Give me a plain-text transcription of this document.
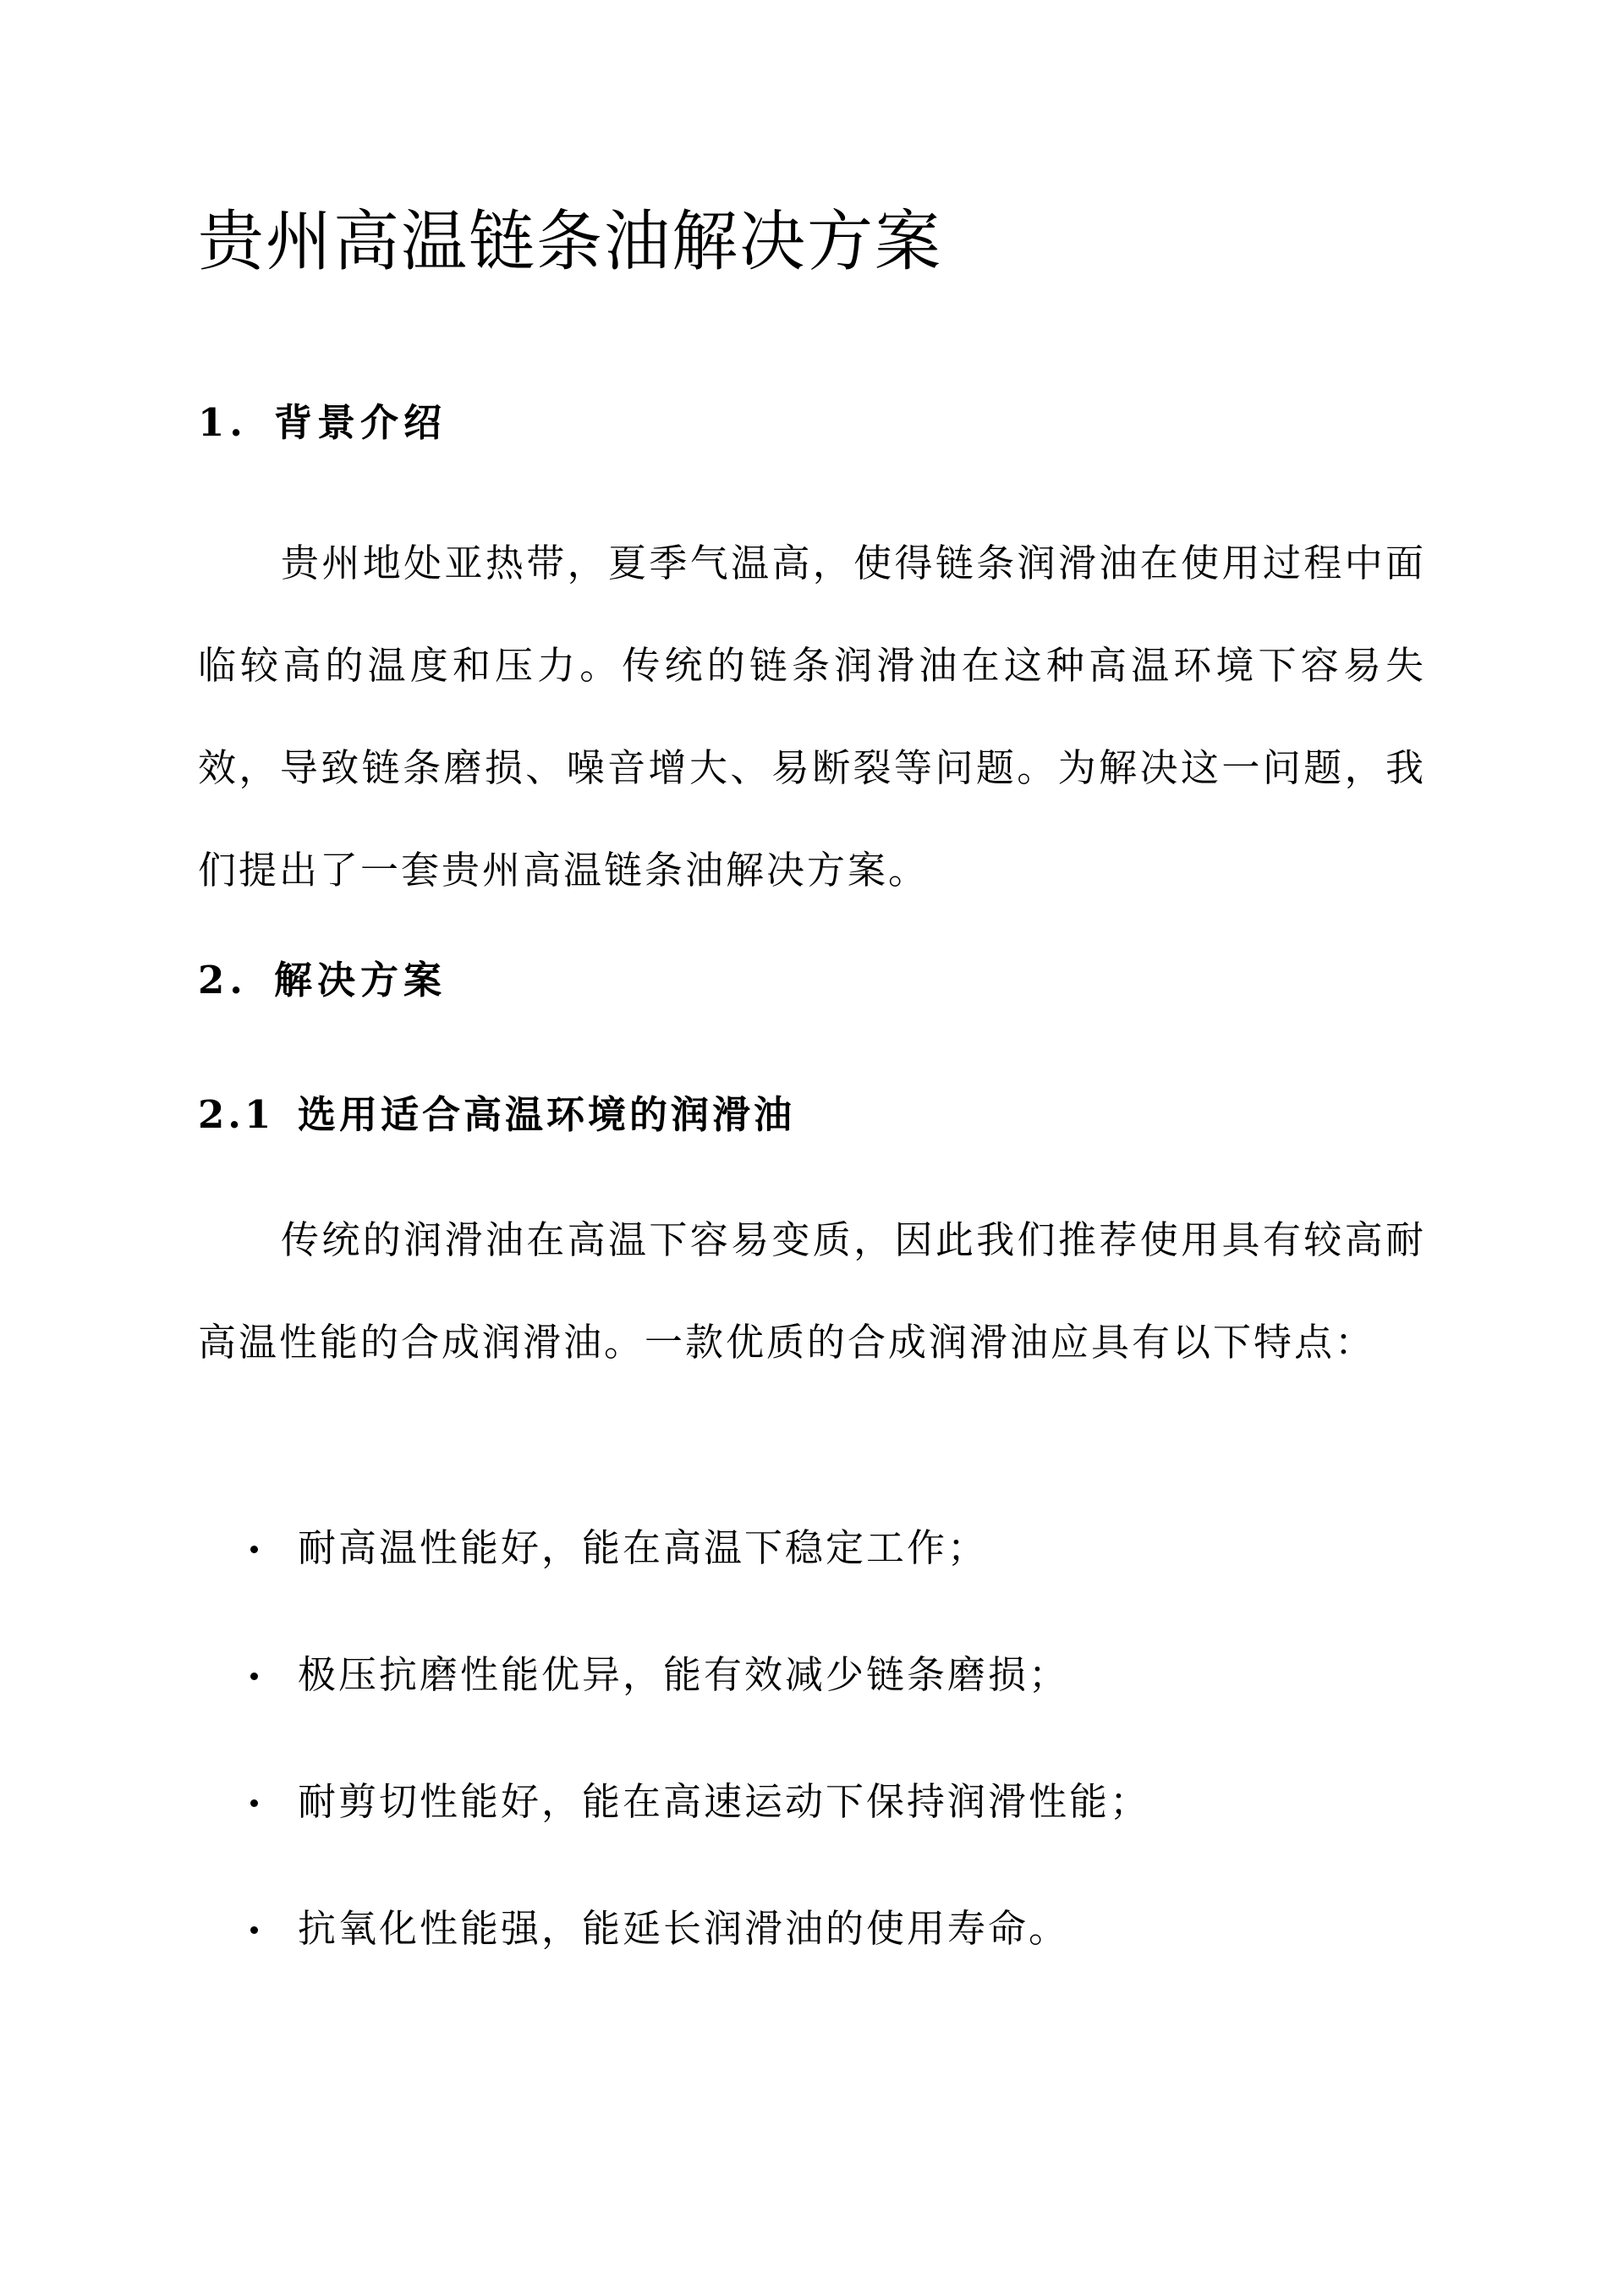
贵州高温链条油解决方案
1. 背景介绍

贵州地处亚热带，夏季气温高，使得链条润滑油在使用过程中面临较高的温度和压力。传统的链条润滑油在这种高温环境下容易失效，导致链条磨损、噪音增大、易断裂等问题。为解决这一问题，我们提出了一套贵州高温链条油解决方案。

2. 解决方案
2.1 选用适合高温环境的润滑油

传统的润滑油在高温下容易变质，因此我们推荐使用具有较高耐高温性能的合成润滑油。一款优质的合成润滑油应具有以下特点：

耐高温性能好，能在高温下稳定工作；
极压抗磨性能优异，能有效减少链条磨损；
耐剪切性能好，能在高速运动下保持润滑性能；
抗氧化性能强，能延长润滑油的使用寿命。
